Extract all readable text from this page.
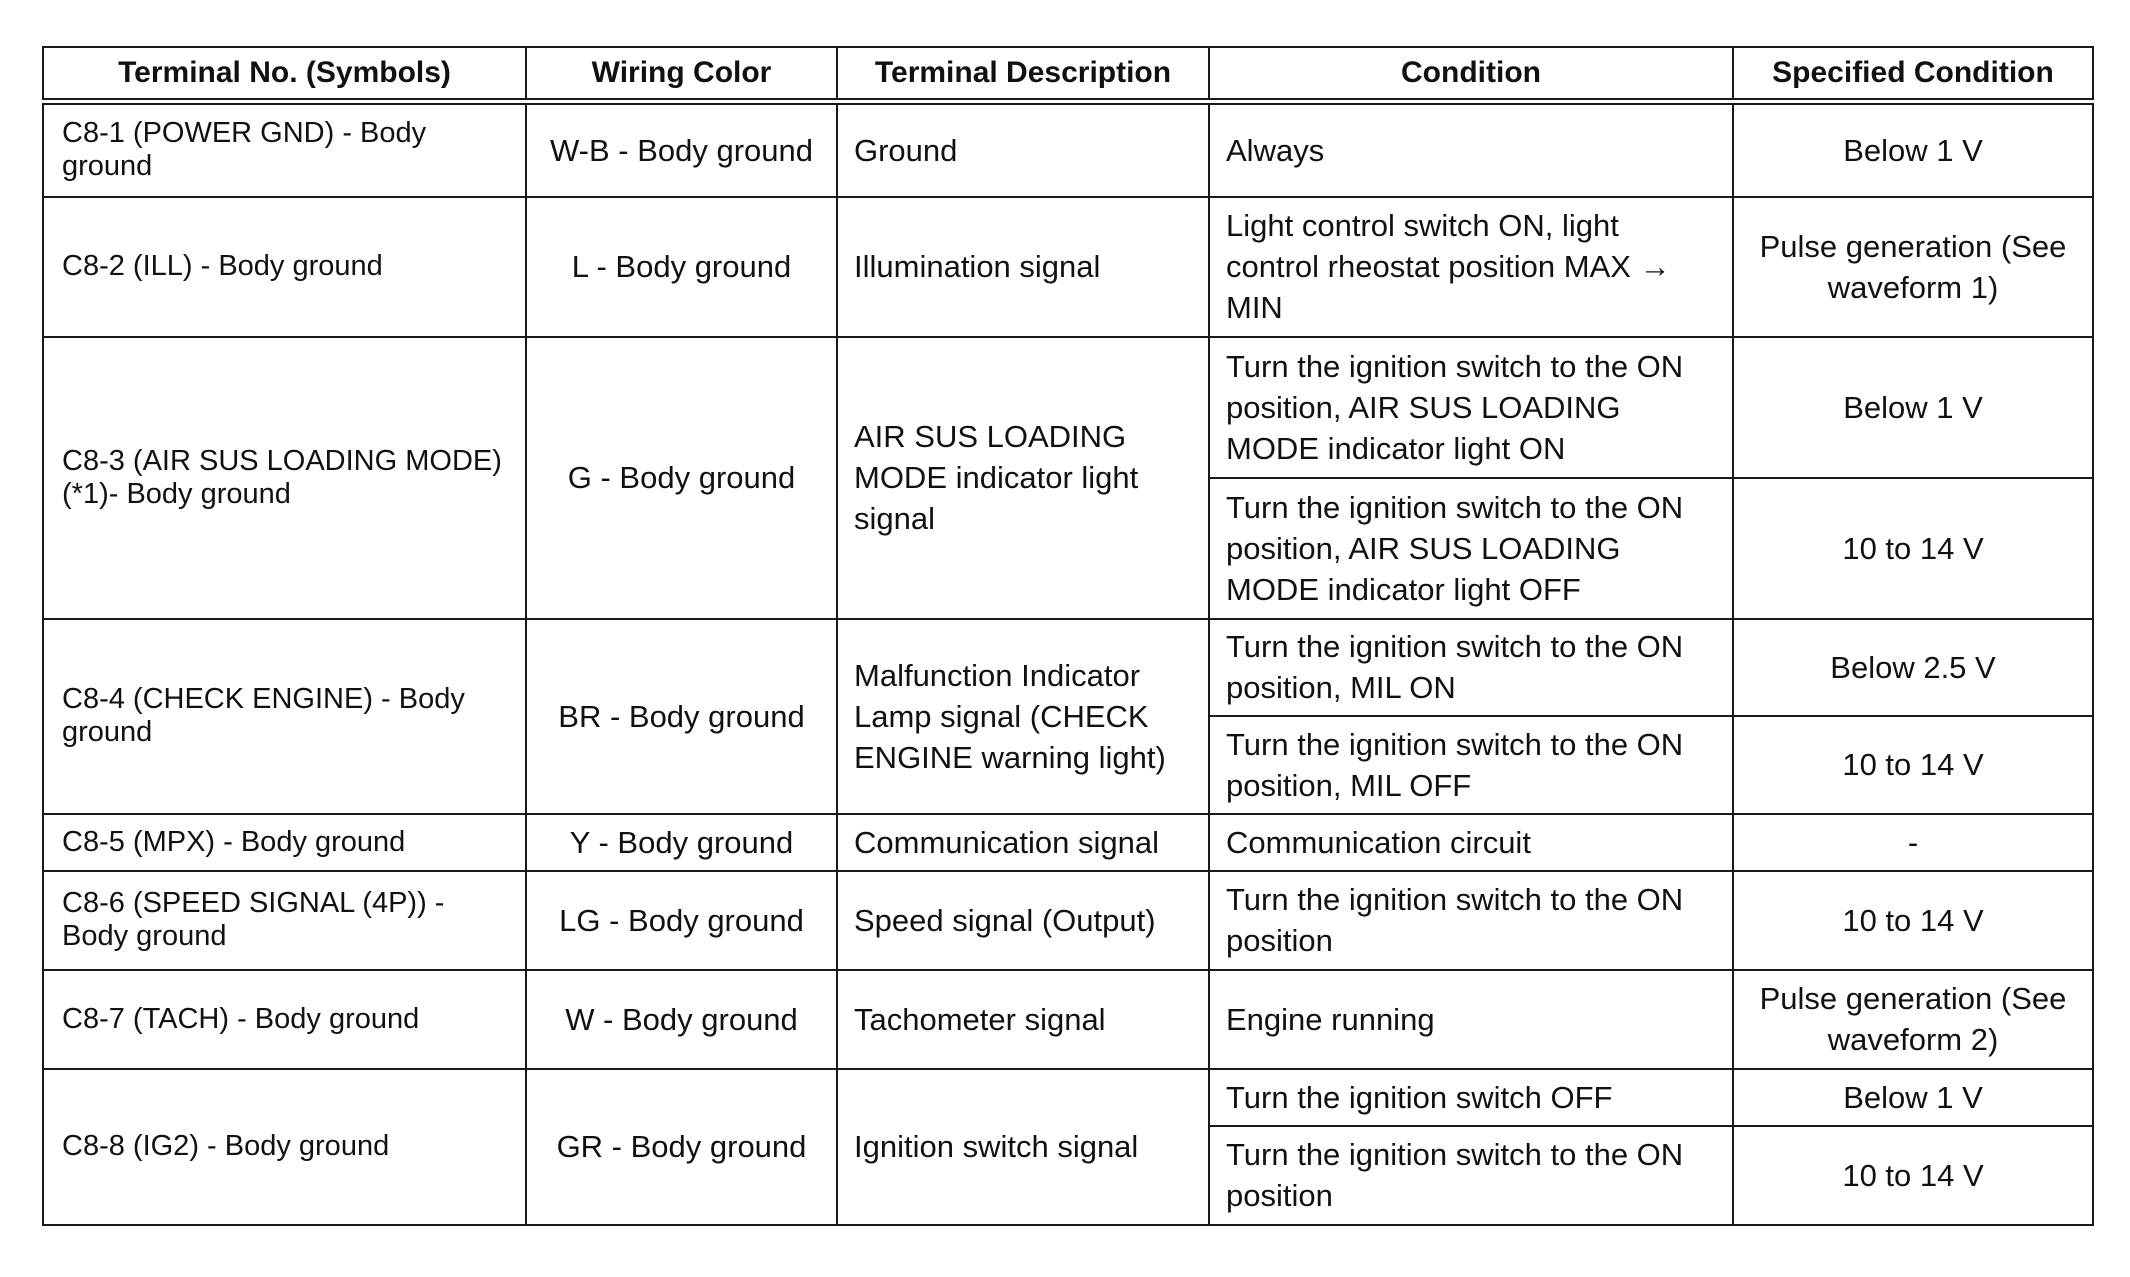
Terminal No. (Symbols)	Wiring Color	Terminal Description	Condition	Specified Condition
C8-1 (POWER GND) - Body ground	W-B - Body ground	Ground	Always	Below 1 V
C8-2 (ILL) - Body ground	L - Body ground	Illumination signal	Light control switch ON, light control rheostat position MAX → MIN	Pulse generation (See waveform 1)
C8-3 (AIR SUS LOADING MODE) (*1)- Body ground	G - Body ground	AIR SUS LOADING MODE indicator light signal	Turn the ignition switch to the ON position, AIR SUS LOADING MODE indicator light ON	Below 1 V
			Turn the ignition switch to the ON position, AIR SUS LOADING MODE indicator light OFF	10 to 14 V
C8-4 (CHECK ENGINE) - Body ground	BR - Body ground	Malfunction Indicator Lamp signal (CHECK ENGINE warning light)	Turn the ignition switch to the ON position, MIL ON	Below 2.5 V
			Turn the ignition switch to the ON position, MIL OFF	10 to 14 V
C8-5 (MPX) - Body ground	Y - Body ground	Communication signal	Communication circuit	-
C8-6 (SPEED SIGNAL (4P)) - Body ground	LG - Body ground	Speed signal (Output)	Turn the ignition switch to the ON position	10 to 14 V
C8-7 (TACH) - Body ground	W - Body ground	Tachometer signal	Engine running	Pulse generation (See waveform 2)
C8-8 (IG2) - Body ground	GR - Body ground	Ignition switch signal	Turn the ignition switch OFF	Below 1 V
			Turn the ignition switch to the ON position	10 to 14 V
